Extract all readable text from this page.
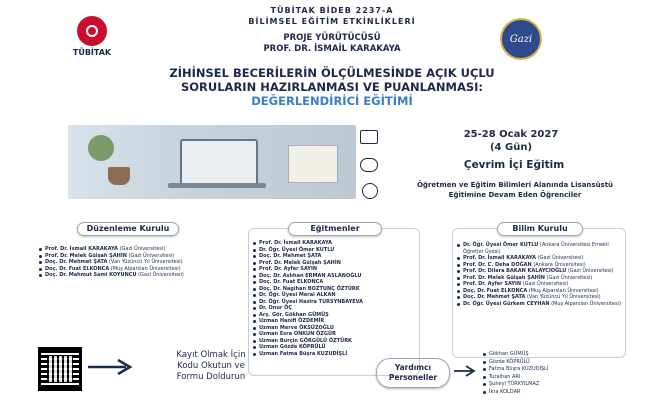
TÜBİTAK BİDEB 2237-A
BİLİMSEL EĞİTİM ETKİNLİKLERİ
PROJE YÜRÜTÜCÜSÜ
PROF. DR. İSMAİL KARAKAYA
TÜBİTAK
Gazi
ZİHİNSEL BECERİLERİN ÖLÇÜLMESİNDE AÇIK UÇLU
SORULARIN HAZIRLANMASI VE PUANLANMASI:
DEĞERLENDİRİCİ EĞİTİMİ
25-28 Ocak 2027
(4 Gün)
Çevrim İçi Eğitim
Öğretmen ve Eğitim Bilimleri Alanında Lisansüstü Eğitimine Devam Eden Öğrenciler
Düzenleme Kurulu
Prof. Dr. İsmail KARAKAYA (Gazi Üniversitesi)
Prof. Dr. Melek Gülşah ŞAHİN (Gazi Üniversitesi)
Doç. Dr. Mehmet ŞATA (Van Yüzüncü Yıl Üniversitesi)
Doç. Dr. Fuat ELKONCA (Muş Alparslan Üniversitesi)
Doç. Dr. Mahmut Sami KOYUNCU (Gazi Üniversitesi)
Eğitmenler
Prof. Dr. İsmail KARAKAYA
Dr. Öğr. Üyesi Ömer KUTLU
Doç. Dr. Mehmet ŞATA
Prof. Dr. Melek Gülşah ŞAHİN
Prof. Dr. Ayfer SAYIN
Doç. Dr. Aslıhan ERMAN ASLANOĞLU
Doç. Dr. Fuat ELKONCA
Doç. Dr. Nagihan BOZTUNÇ ÖZTÜRK
Dr. Öğr. Üyesi Meral ALKAN
Dr. Öğr. Üyesi Hazira TURSYNBAYEVA
Dr. Onur ÖÇ
Arş. Gör. Gökhan GÜMÜŞ
Uzman Hanifi ÖZDEMİR
Uzman Merve ÖKSÜZOĞLU
Uzman Esra ONKUN ÖZGÜR
Uzman Burçin GÖRGÜLÜ ÖZTÜRK
Uzman Gözde KÖPRÜLÜ
Uzman Fatma Büşra KUZUDİŞLİ
Bilim Kurulu
Dr. Öğr. Üyesi Ömer KUTLU (Ankara Üniversitesi Emekli Öğretim Üyesi)
Prof. Dr. İsmail KARAKAYA (Gazi Üniversitesi)
Prof. Dr. C. Deha DOĞAN (Ankara Üniversitesi)
Prof. Dr. Dilara BAKAN KALAYCIOĞLU (Gazi Üniversitesi)
Prof. Dr. Melek Gülşah ŞAHİN (Gazi Üniversitesi)
Prof. Dr. Ayfer SAYIN (Gazi Üniversitesi)
Doç. Dr. Fuat ELKONCA (Muş Alparslan Üniversitesi)
Doç. Dr. Mehmet ŞATA (Van Yüzüncü Yıl Üniversitesi)
Dr. Öğr. Üyesi Gürkem CEYHAN (Muş Alparslan Üniversitesi)
Kayıt Olmak İçin
Kodu Okutun ve
Formu Doldurun
Yardımcı
Personeller
Gökhan GÜMÜŞ
Gözde KÖPRÜLÜ
Fatma Büşra KUZUDİŞLİ
Turalhan ARI
Şuheyl TÜRKYILMAZ
İkra KOLDAR
